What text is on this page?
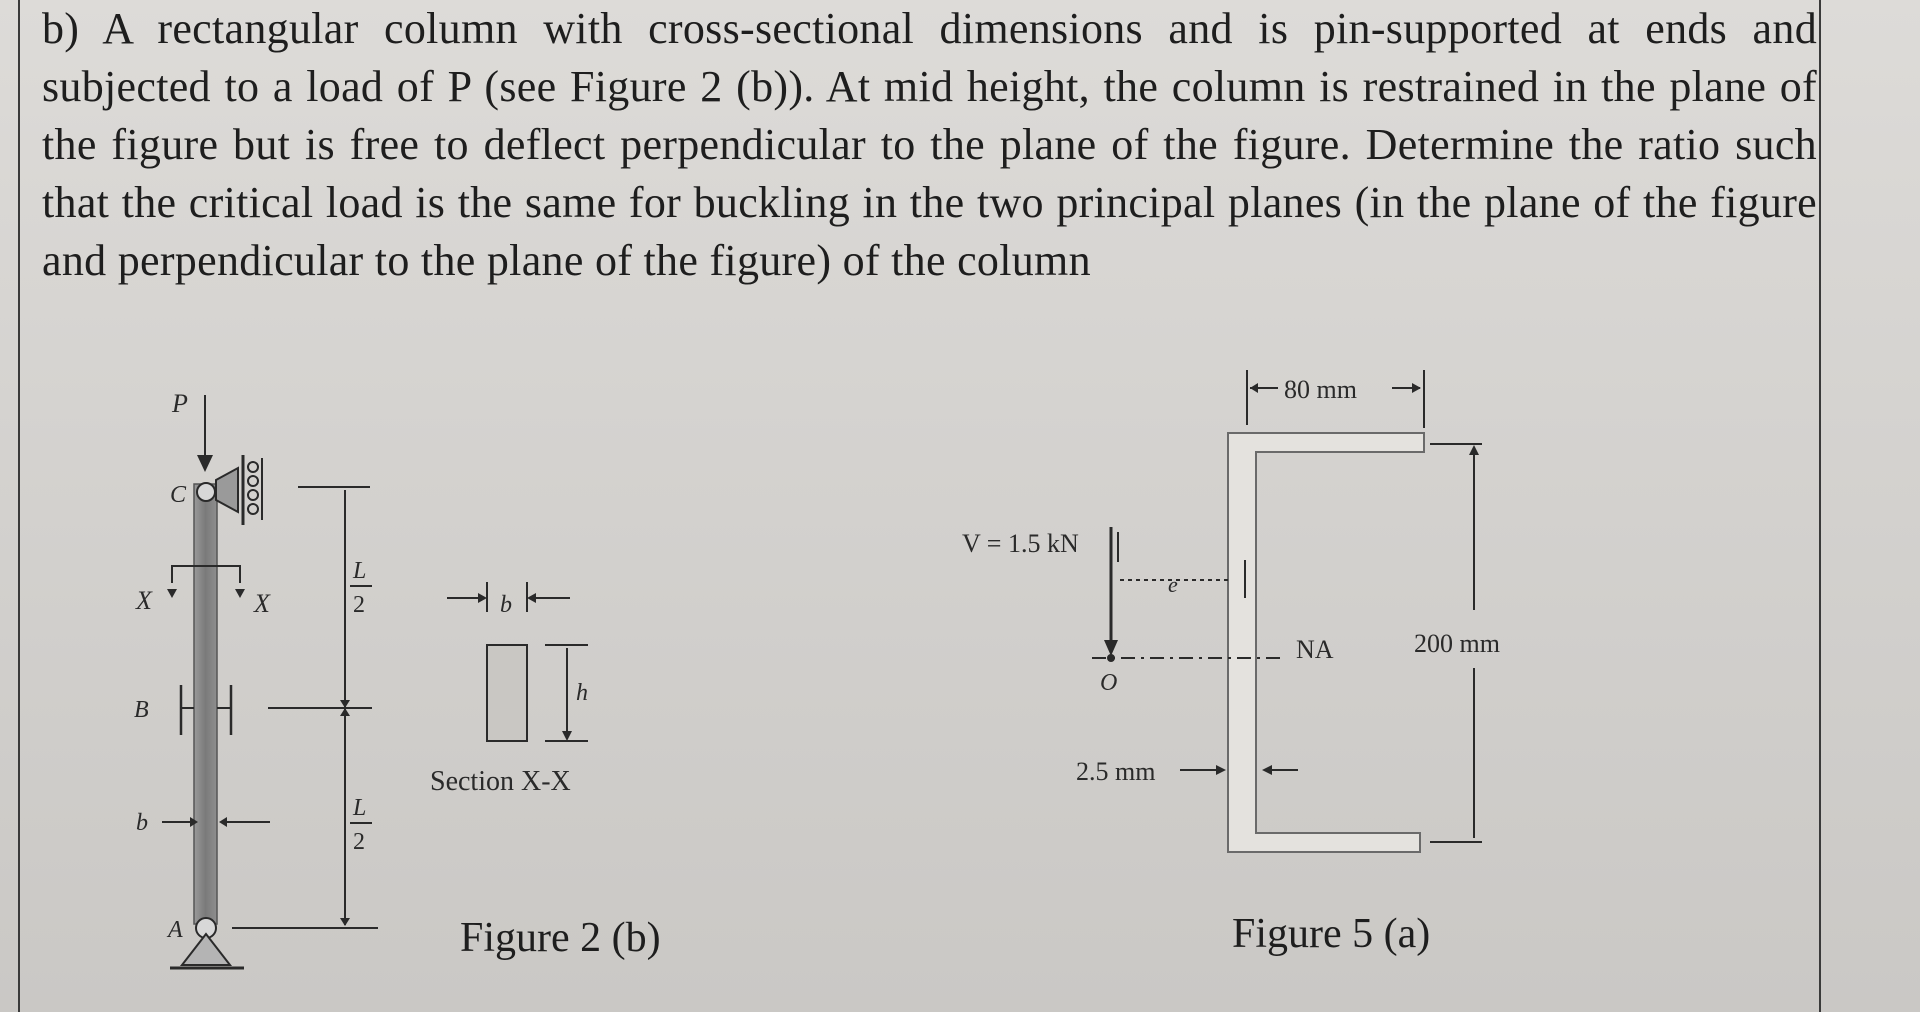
b) A rectangular column with cross-sectional dimensions and is pin-supported at ends and subjected to a load of P (see Figure 2 (b)). At mid height, the column is restrained in the plane of the figure but is free to deflect perpendicular to the plane of the figure. Determine the ratio such that the critical load is the same for buckling in the two principal planes (in the plane of the figure and perpendicular to the plane of the figure) of the column
P
C
X	X
B
b
A
L
2
L
2
b
h
Section X-X
80 mm
V = 1.5 kN
e
O
NA	200 mm
2.5 mm
Figure 2 (b)	Figure 5 (a)
